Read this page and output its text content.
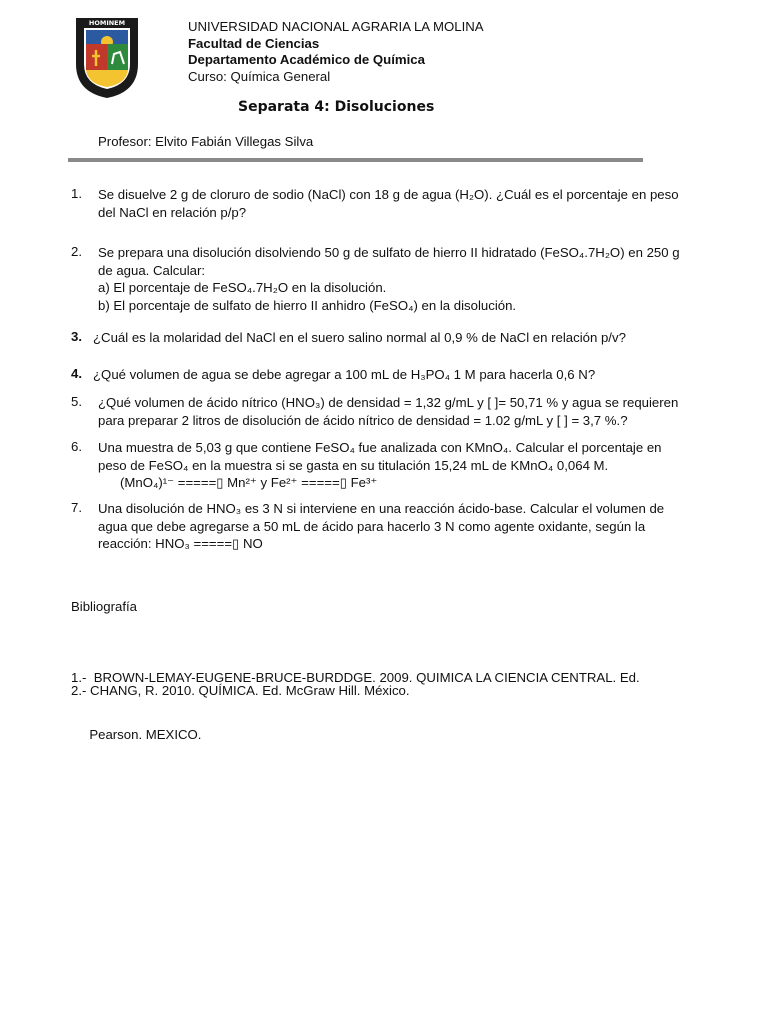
HOMINEM	UNIVERSIDAD NACIONAL AGRARIA LA MOLINA
Facultad de Ciencias
Departamento Académico de Química
Curso: Química General
Separata 4: Disoluciones
Profesor: Elvito Fabián Villegas Silva
1. Se disuelve 2 g de cloruro de sodio (NaCl) con 18 g de agua (H₂O). ¿Cuál es el porcentaje en peso
del NaCl en relación p/p?
2. Se prepara una disolución disolviendo 50 g de sulfato de hierro II hidratado (FeSO₄.7H₂O) en 250 g
de agua. Calcular:
a) El porcentaje de FeSO₄.7H₂O en la disolución.
b) El porcentaje de sulfato de hierro II anhidro (FeSO₄) en la disolución.
3. ¿Cuál es la molaridad del NaCl en el suero salino normal al 0,9 % de NaCl en relación p/v?
4. ¿Qué volumen de agua se debe agregar a 100 mL de H₃PO₄ 1 M para hacerla 0,6 N?
5. ¿Qué volumen de ácido nítrico (HNO₃) de densidad = 1,32 g/mL y [ ]= 50,71 % y agua se requieren
para preparar 2 litros de disolución de ácido nítrico de densidad = 1.02 g/mL y [ ] = 3,7 %.?
6. Una muestra de 5,03 g que contiene FeSO₄ fue analizada con KMnO₄. Calcular el porcentaje en
peso de FeSO₄ en la muestra si se gasta en su titulación 15,24 mL de KMnO₄ 0,064 M.
(MnO₄)¹⁻ =====▯ Mn²⁺ y Fe²⁺ =====▯ Fe³⁺
7. Una disolución de HNO₃ es 3 N si interviene en una reacción ácido-base. Calcular el volumen de
agua que debe agregarse a 50 mL de ácido para hacerlo 3 N como agente oxidante, según la
reacción: HNO₃ =====▯ NO
Bibliografía

1.-  BROWN-LEMAY-EUGENE-BRUCE-BURDDGE. 2009. QUIMICA LA CIENCIA CENTRAL. Ed.

Pearson. MEXICO.

2.- CHANG, R. 2010. QUÍMICA. Ed. McGraw Hill. México.
